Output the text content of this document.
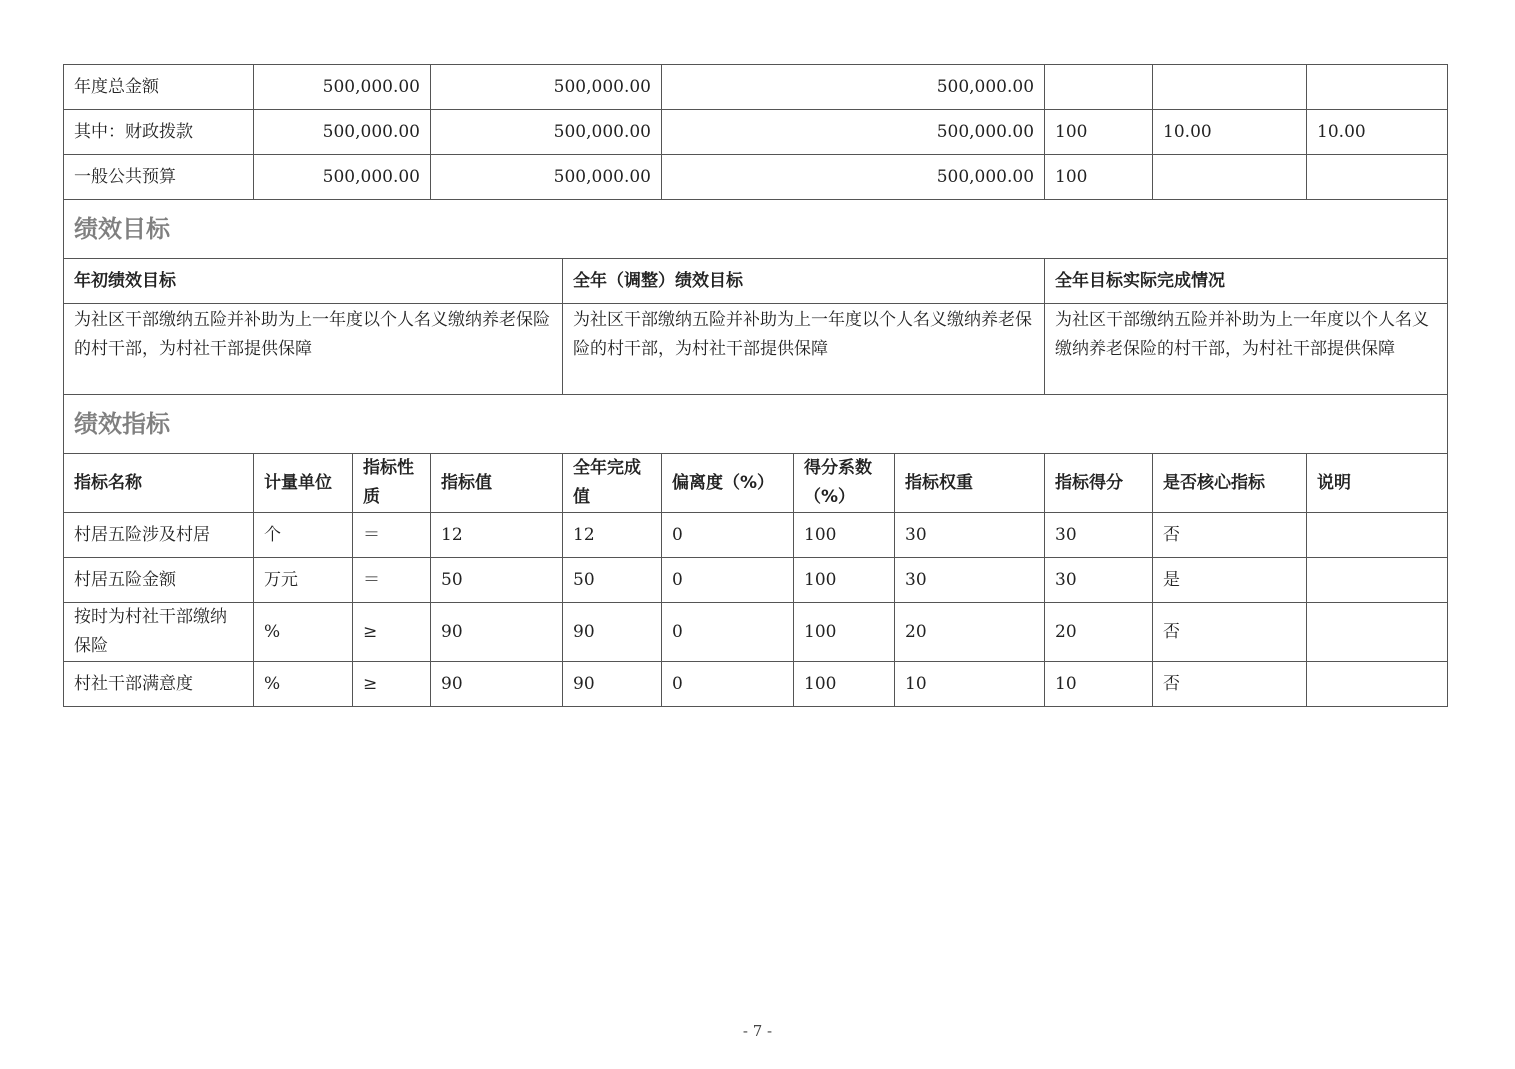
年度总金额	500,000.00		500,000.00		500,000.00					
其中：财政拨款	500,000.00		500,000.00		500,000.00			100	10.00	10.00
一般公共预算	500,000.00		500,000.00		500,000.00			100		
绩效目标										
年初绩效目标				全年（调整）绩效目标				全年目标实际完成情况		
为社区干部缴纳五险并补助为上一年度以个人名义缴纳养老保险的村干部，为村社干部提供保障				为社区干部缴纳五险并补助为上一年度以个人名义缴纳养老保险的村干部，为村社干部提供保障				为社区干部缴纳五险并补助为上一年度以个人名义缴纳养老保险的村干部，为村社干部提供保障		
绩效指标										
指标名称	计量单位	指标性质	指标值	全年完成值	偏离度（%）	得分系数（%）	指标权重	指标得分	是否核心指标	说明
村居五险涉及村居	个	＝	12	12	0	100	30	30	否	
村居五险金额	万元	＝	50	50	0	100	30	30	是	
按时为村社干部缴纳保险	%	≥	90	90	0	100	20	20	否	
村社干部满意度	%	≥	90	90	0	100	10	10	否	
- 7 -
